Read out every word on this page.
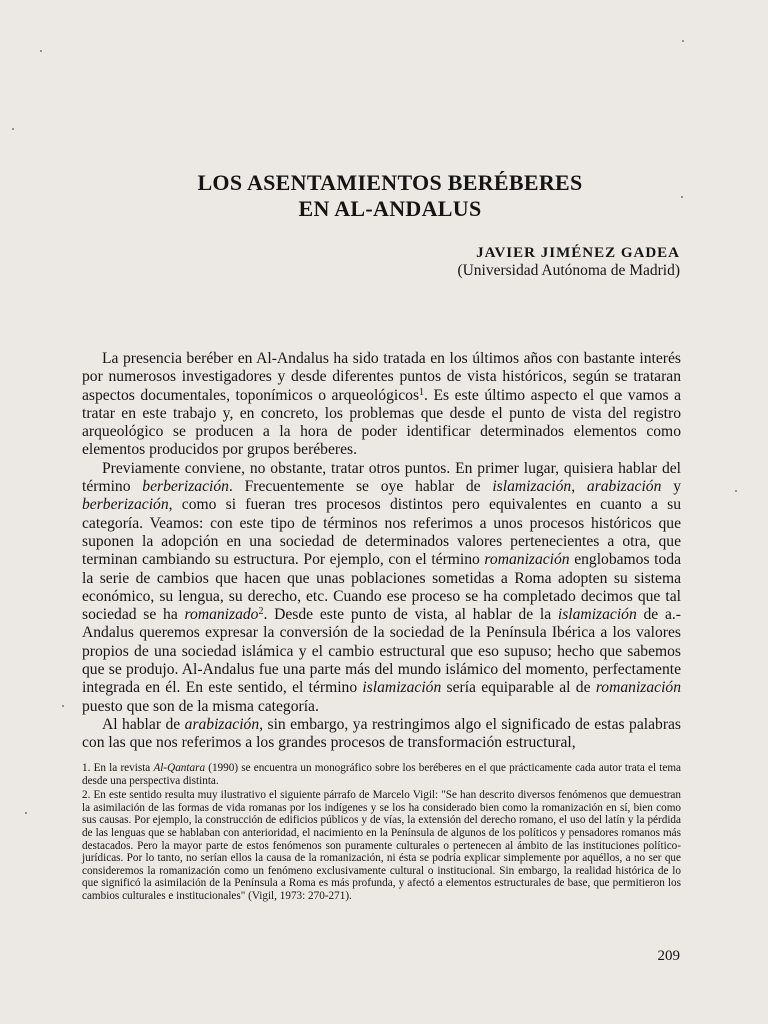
LOS ASENTAMIENTOS BERÉBERES
EN AL-ANDALUS
JAVIER JIMÉNEZ GADEA
(Universidad Autónoma de Madrid)

La presencia beréber en Al-Andalus ha sido tratada en los últimos años con bastante interés por numerosos investigadores y desde diferentes puntos de vista históricos, según se trataran aspectos documentales, toponímicos o arqueológicos$^1$. Es este último aspecto el que vamos a tratar en este trabajo y, en concreto, los problemas que desde el punto de vista del registro arqueológico se producen a la hora de poder identificar determinados elementos como elementos producidos por grupos beréberes.

Previamente conviene, no obstante, tratar otros puntos. En primer lugar, quisiera hablar del término berberización. Frecuentemente se oye hablar de islamización, arabización y berberización, como si fueran tres procesos distintos pero equivalentes en cuanto a su categoría. Veamos: con este tipo de términos nos referimos a unos procesos históricos que suponen la adopción en una sociedad de determinados valores pertenecientes a otra, que terminan cambiando su estructura. Por ejemplo, con el término romanización englobamos toda la serie de cambios que hacen que unas poblaciones sometidas a Roma adopten su sistema económico, su lengua, su derecho, etc. Cuando ese proceso se ha completado decimos que tal sociedad se ha romanizado$^2$. Desde este punto de vista, al hablar de la islamización de a.-Andalus queremos expresar la conversión de la sociedad de la Península Ibérica a los valores propios de una sociedad islámica y el cambio estructural que eso supuso; hecho que sabemos que se produjo. Al-Andalus fue una parte más del mundo islámico del momento, perfectamente integrada en él. En este sentido, el término islamización sería equiparable al de romanización puesto que son de la misma categoría.

Al hablar de arabización, sin embargo, ya restringimos algo el significado de estas palabras con las que nos referimos a los grandes procesos de transformación estructural,

1. En la revista Al-Qantara (1990) se encuentra un monográfico sobre los beréberes en el que prácticamente cada autor trata el tema desde una perspectiva distinta.

2. En este sentido resulta muy ilustrativo el siguiente párrafo de Marcelo Vigil: "Se han descrito diversos fenómenos que demuestran la asimilación de las formas de vida romanas por los indígenes y se los ha considerado bien como la romanización en sí, bien como sus causas. Por ejemplo, la construcción de edificios públicos y de vías, la extensión del derecho romano, el uso del latín y la pérdida de las lenguas que se hablaban con anterioridad, el nacimiento en la Península de algunos de los políticos y pensadores romanos más destacados. Pero la mayor parte de estos fenómenos son puramente culturales o pertenecen al ámbito de las instituciones político-jurídicas. Por lo tanto, no serían ellos la causa de la romanización, ni ésta se podría explicar simplemente por aquéllos, a no ser que consideremos la romanización como un fenómeno exclusivamente cultural o institucional. Sin embargo, la realidad histórica de lo que significó la asimilación de la Península a Roma es más profunda, y afectó a elementos estructurales de base, que permitieron los cambios culturales e institucionales" (Vigil, 1973: 270-271).

209
